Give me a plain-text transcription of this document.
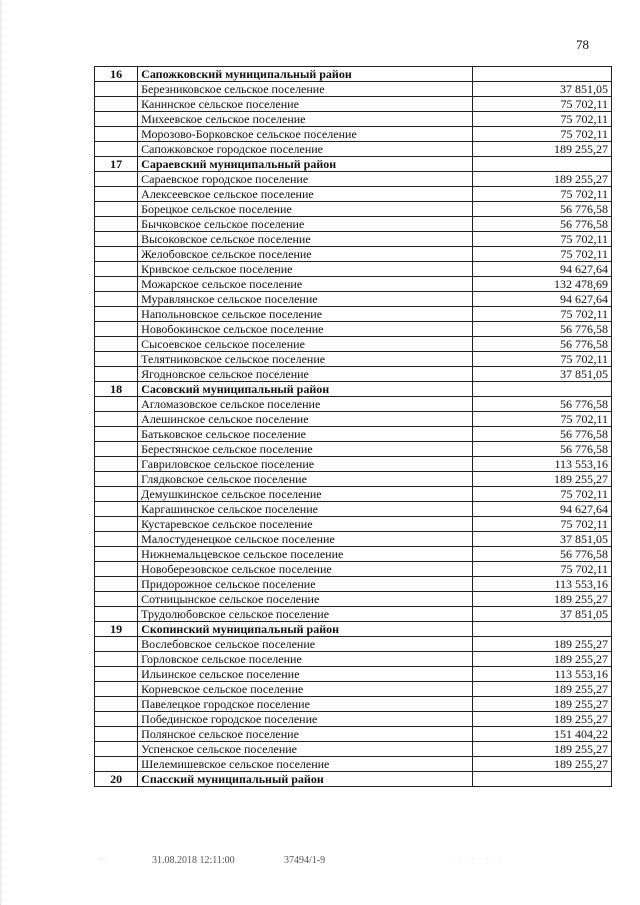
78
16	Сапожковский муниципальный район	
	Березниковское сельское поселение	37 851,05
	Канинское сельское поселение	75 702,11
	Михеевское сельское поселение	75 702,11
	Морозово-Борковское сельское поселение	75 702,11
	Сапожковское городское поселение	189 255,27
17	Сараевский муниципальный район	
	Сараевское городское поселение	189 255,27
	Алексеевское сельское поселение	75 702,11
	Борецкое сельское поселение	56 776,58
	Бычковское сельское поселение	56 776,58
	Высоковское сельское поселение	75 702,11
	Желобовское сельское поселение	75 702,11
	Кривское сельское поселение	94 627,64
	Можарское сельское поселение	132 478,69
	Муравлянское сельское поселение	94 627,64
	Напольновское сельское поселение	75 702,11
	Новобокинское сельское поселение	56 776,58
	Сысоевское сельское поселение	56 776,58
	Телятниковское сельское поселение	75 702,11
	Ягодновское сельское поселение	37 851,05
18	Сасовский муниципальный район	
	Агломазовское сельское поселение	56 776,58
	Алешинское сельское поселение	75 702,11
	Батьковское сельское поселение	56 776,58
	Берестянское сельское поселение	56 776,58
	Гавриловское сельское поселение	113 553,16
	Глядковское сельское поселение	189 255,27
	Демушкинское сельское поселение	75 702,11
	Каргашинское сельское поселение	94 627,64
	Кустаревское сельское поселение	75 702,11
	Малостуденецкое сельское поселение	37 851,05
	Нижнемальцевское сельское поселение	56 776,58
	Новоберезовское сельское поселение	75 702,11
	Придорожное сельское поселение	113 553,16
	Сотницынское сельское поселение	189 255,27
	Трудолюбовское сельское поселение	37 851,05
19	Скопинский муниципальный район	
	Вослебовское сельское поселение	189 255,27
	Горловское сельское поселение	189 255,27
	Ильинское сельское поселение	113 553,16
	Корневское сельское поселение	189 255,27
	Павелецкое городское поселение	189 255,27
	Побединское городское поселение	189 255,27
	Полянское сельское поселение	151 404,22
	Успенское сельское поселение	189 255,27
	Шелемишевское сельское поселение	189 255,27
20	Спасский муниципальный район	
· ·	31.08.2018 12:11:00	37494/1-9	· · · · · · · ·
